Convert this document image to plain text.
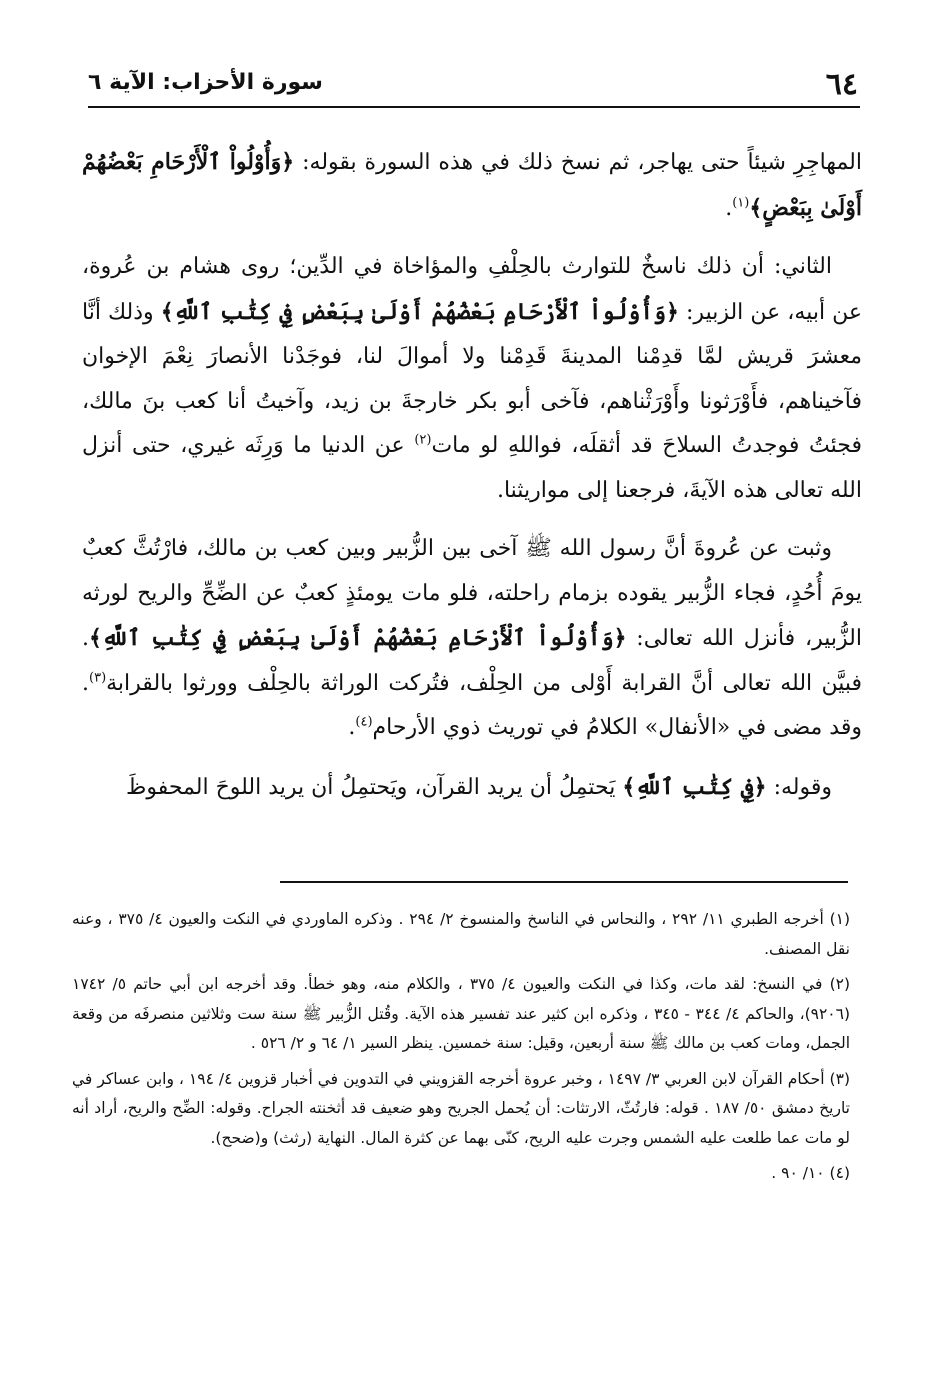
٦٤
سورة الأحزاب: الآية ٦

المهاجِرِ شيئاً حتى يهاجر، ثم نسخ ذلك في هذه السورة بقوله: ﴿وَأُوْلُواْ ٱلْأَرْحَامِ بَعْضُهُمْ أَوْلَىٰ بِبَعْضٍ﴾$^{(١)}$.

الثاني: أن ذلك ناسخٌ للتوارث بالحِلْفِ والمؤاخاة في الدِّين؛ روى هشام بن عُروة، عن أبيه، عن الزبير: ﴿وَأُوْلُواْ ٱلْأَرْحَامِ بَعْضُهُمْ أَوْلَىٰ بِبَعْضٍ فِي كِتَٰبِ ٱللَّهِ﴾ وذلك أنَّا معشرَ قريش لمَّا قدِمْنا المدينةَ قَدِمْنا ولا أموالَ لنا، فوجَدْنا الأنصارَ نِعْمَ الإخوان فآخيناهم، فأَوْرَثونا وأَوْرَثْناهم، فآخى أبو بكر خارجةَ بن زيد، وآخيتُ أنا كعب بنَ مالك، فجئتُ فوجدتُ السلاحَ قد أثقلَه، فواللهِ لو مات$^{(٢)}$ عن الدنيا ما وَرِثَه غيري، حتى أنزل الله تعالى هذه الآيةَ، فرجعنا إلى مواريثنا.

وثبت عن عُروةَ أنَّ رسول الله ﷺ آخى بين الزُّبير وبين كعب بن مالك، فارْتُثَّ كعبٌ يومَ أُحُدٍ، فجاء الزُّبير يقوده بزمام راحلته، فلو مات يومئذٍ كعبٌ عن الضِّحِّ والريح لورثه الزُّبير، فأنزل الله تعالى: ﴿وَأُوْلُواْ ٱلْأَرْحَامِ بَعْضُهُمْ أَوْلَىٰ بِبَعْضٍ فِي كِتَٰبِ ٱللَّهِ﴾. فبيَّن الله تعالى أنَّ القرابة أَوْلى من الحِلْف، فتُركت الوراثة بالحِلْف وورثوا بالقرابة$^{(٣)}$. وقد مضى في «الأنفال» الكلامُ في توريث ذوي الأرحام$^{(٤)}$.

وقوله: ﴿فِي كِتَٰبِ ٱللَّهِ﴾ يَحتمِلُ أن يريد القرآن، ويَحتمِلُ أن يريد اللوحَ المحفوظَ

(١) أخرجه الطبري ١١/ ٢٩٢ ، والنحاس في الناسخ والمنسوخ ٢/ ٢٩٤ . وذكره الماوردي في النكت والعيون ٤/ ٣٧٥ ، وعنه نقل المصنف.

(٢) في النسخ: لقد مات، وكذا في النكت والعيون ٤/ ٣٧٥ ، والكلام منه، وهو خطأ. وقد أخرجه ابن أبي حاتم ٥/ ١٧٤٢ (٩٢٠٦)، والحاكم ٤/ ٣٤٤ - ٣٤٥ ، وذكره ابن كثير عند تفسير هذه الآية. وقُتل الزُّبير ﷺ سنة ست وثلاثين منصرفَه من وقعة الجمل، ومات كعب بن مالك ﷺ سنة أربعين، وقيل: سنة خمسين. ينظر السير ١/ ٦٤ و ٢/ ٥٢٦ .

(٣) أحكام القرآن لابن العربي ٣/ ١٤٩٧ ، وخبر عروة أخرجه القزويني في التدوين في أخبار قزوين ٤/ ١٩٤ ، وابن عساكر في تاريخ دمشق ٥٠/ ١٨٧ . قوله: فارتُثّ، الارتثات: أن يُحمل الجريح وهو ضعيف قد أثخنته الجراح. وقوله: الضِّح والريح، أراد أنه لو مات عما طلعت عليه الشمس وجرت عليه الريح، كنّى بهما عن كثرة المال. النهاية (رثث) و(ضحح).

(٤) ١٠/ ٩٠ .
